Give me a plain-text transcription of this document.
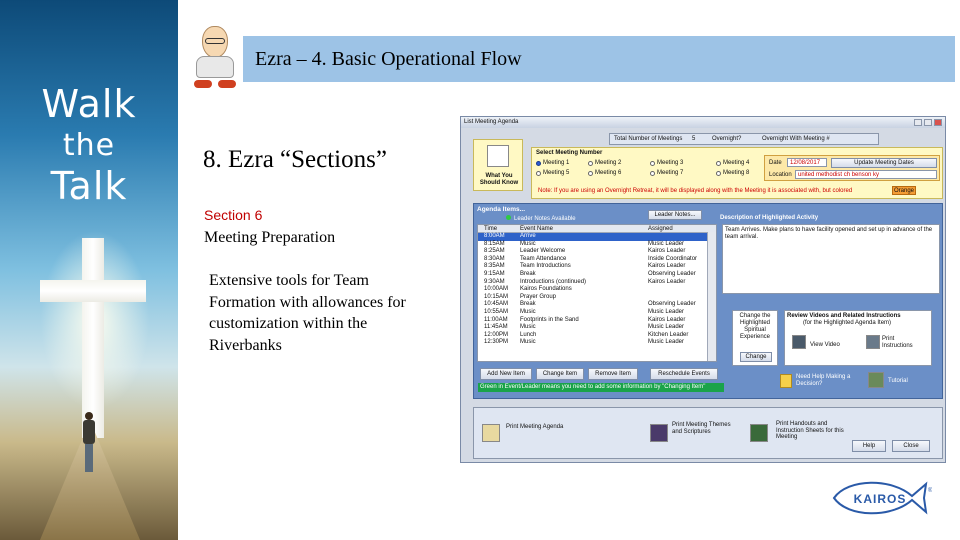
Walk
the
Talk
Ezra – 4. Basic Operational Flow
8. Ezra “Sections”
Section 6
Meeting Preparation
Extensive tools for Team Formation with allowances for customization within the Riverbanks
List Meeting Agenda
Total Number of Meetings 5	Overnight?	Overnight With Meeting #
What You Should Know
Select Meeting Number
Meeting 1	Meeting 2	Meeting 3	Meeting 4
Meeting 5	Meeting 6	Meeting 7	Meeting 8
Date	12/08/2017	Update Meeting Dates
Location	united methodist ch benson ky
Note: If you are using an Overnight Retreat, it will be displayed along with the Meeting it is associated with, but colored	Orange
Agenda Items...
Leader Notes Available
Leader Notes...	Description of Highlighted Activity
Time	Event Name	Assigned
8:00AM	Arrive
8:15AM	Music	Music Leader
8:25AM	Leader Welcome	Kairos Leader
8:30AM	Team Attendance	Inside Coordinator
8:35AM	Team Introductions	Kairos Leader
9:15AM	Break	Observing Leader
9:30AM	Introductions (continued)	Kairos Leader
10:00AM	Kairos Foundations
10:15AM	Prayer Group
10:45AM	Break	Observing Leader
10:55AM	Music	Music Leader
11:00AM	Footprints in the Sand	Kairos Leader
11:45AM	Music	Music Leader
12:00PM	Lunch	Kitchen Leader
12:30PM	Music	Music Leader
Team Arrives. Make plans to have facility opened and set up in advance of the team arrival.
Change the Highlighted Spiritual Experience
Change
Review Videos and Related Instructions
(for the Highlighted Agenda Item)
View Video
Print Instructions
Add New Item	Change Item	Remove Item	Reschedule Events
Green in Event/Leader means you need to add some information by "Changing Item"
Need Help Making a Decision?	Tutorial
Print Meeting Agenda	Print Meeting Themes and Scriptures
Print Handouts and Instruction Sheets for this Meeting
Help	Close
KAIROS
®
